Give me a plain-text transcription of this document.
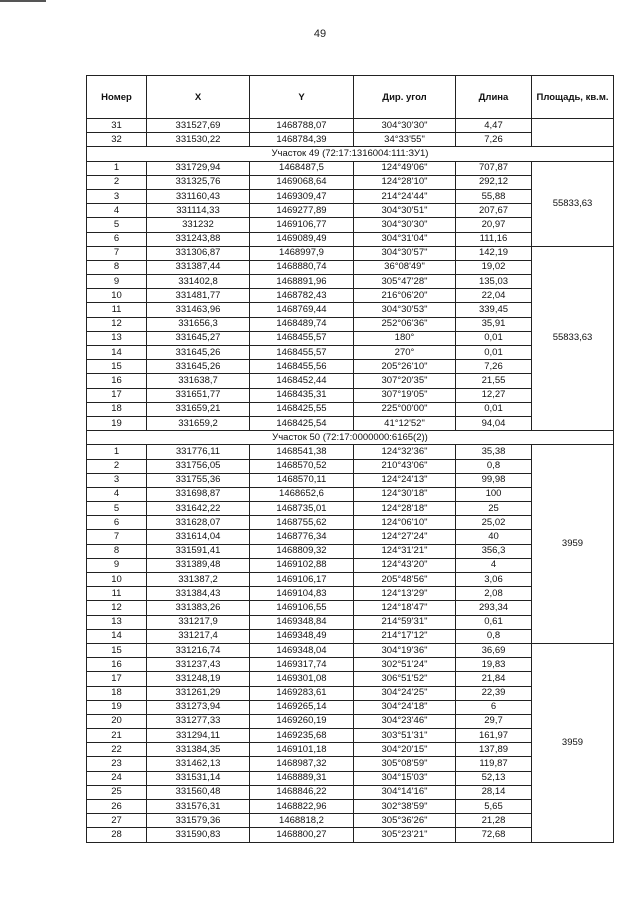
49
Номер	X	Y	Дир. угол	Длина	Площадь, кв.м.
31	331527,69	1468788,07	304°30'30"	4,47	
32	331530,22	1468784,39	34°33'55"	7,26	
Участок 49 (72:17:1316004:111:ЗУ1)					
1	331729,94	1468487,5	124°49'06"	707,87	55833,63
2	331325,76	1469068,64	124°28'10"	292,12	
3	331160,43	1469309,47	214°24'44"	55,88	
4	331114,33	1469277,89	304°30'51"	207,67	
5	331232	1469106,77	304°30'30"	20,97	
6	331243,88	1469089,49	304°31'04"	111,16	
7	331306,87	1468997,9	304°30'57"	142,19	55833,63
8	331387,44	1468880,74	36°08'49"	19,02	
9	331402,8	1468891,96	305°47'28"	135,03	
10	331481,77	1468782,43	216°06'20"	22,04	
11	331463,96	1468769,44	304°30'53"	339,45	
12	331656,3	1468489,74	252°06'36"	35,91	
13	331645,27	1468455,57	180°	0,01	
14	331645,26	1468455,57	270°	0,01	
15	331645,26	1468455,56	205°26'10"	7,26	
16	331638,7	1468452,44	307°20'35"	21,55	
17	331651,77	1468435,31	307°19'05"	12,27	
18	331659,21	1468425,55	225°00'00"	0,01	
19	331659,2	1468425,54	41°12'52"	94,04	
Участок 50 (72:17:0000000:6165(2))					
1	331776,11	1468541,38	124°32'36"	35,38	3959
2	331756,05	1468570,52	210°43'06"	0,8	
3	331755,36	1468570,11	124°24'13"	99,98	
4	331698,87	1468652,6	124°30'18"	100	
5	331642,22	1468735,01	124°28'18"	25	
6	331628,07	1468755,62	124°06'10"	25,02	
7	331614,04	1468776,34	124°27'24"	40	
8	331591,41	1468809,32	124°31'21"	356,3	
9	331389,48	1469102,88	124°43'20"	4	
10	331387,2	1469106,17	205°48'56"	3,06	
11	331384,43	1469104,83	124°13'29"	2,08	
12	331383,26	1469106,55	124°18'47"	293,34	
13	331217,9	1469348,84	214°59'31"	0,61	
14	331217,4	1469348,49	214°17'12"	0,8	
15	331216,74	1469348,04	304°19'36"	36,69	3959
16	331237,43	1469317,74	302°51'24"	19,83	
17	331248,19	1469301,08	306°51'52"	21,84	
18	331261,29	1469283,61	304°24'25"	22,39	
19	331273,94	1469265,14	304°24'18"	6	
20	331277,33	1469260,19	304°23'46"	29,7	
21	331294,11	1469235,68	303°51'31"	161,97	
22	331384,35	1469101,18	304°20'15"	137,89	
23	331462,13	1468987,32	305°08'59"	119,87	
24	331531,14	1468889,31	304°15'03"	52,13	
25	331560,48	1468846,22	304°14'16"	28,14	
26	331576,31	1468822,96	302°38'59"	5,65	
27	331579,36	1468818,2	305°36'26"	21,28	
28	331590,83	1468800,27	305°23'21"	72,68	
